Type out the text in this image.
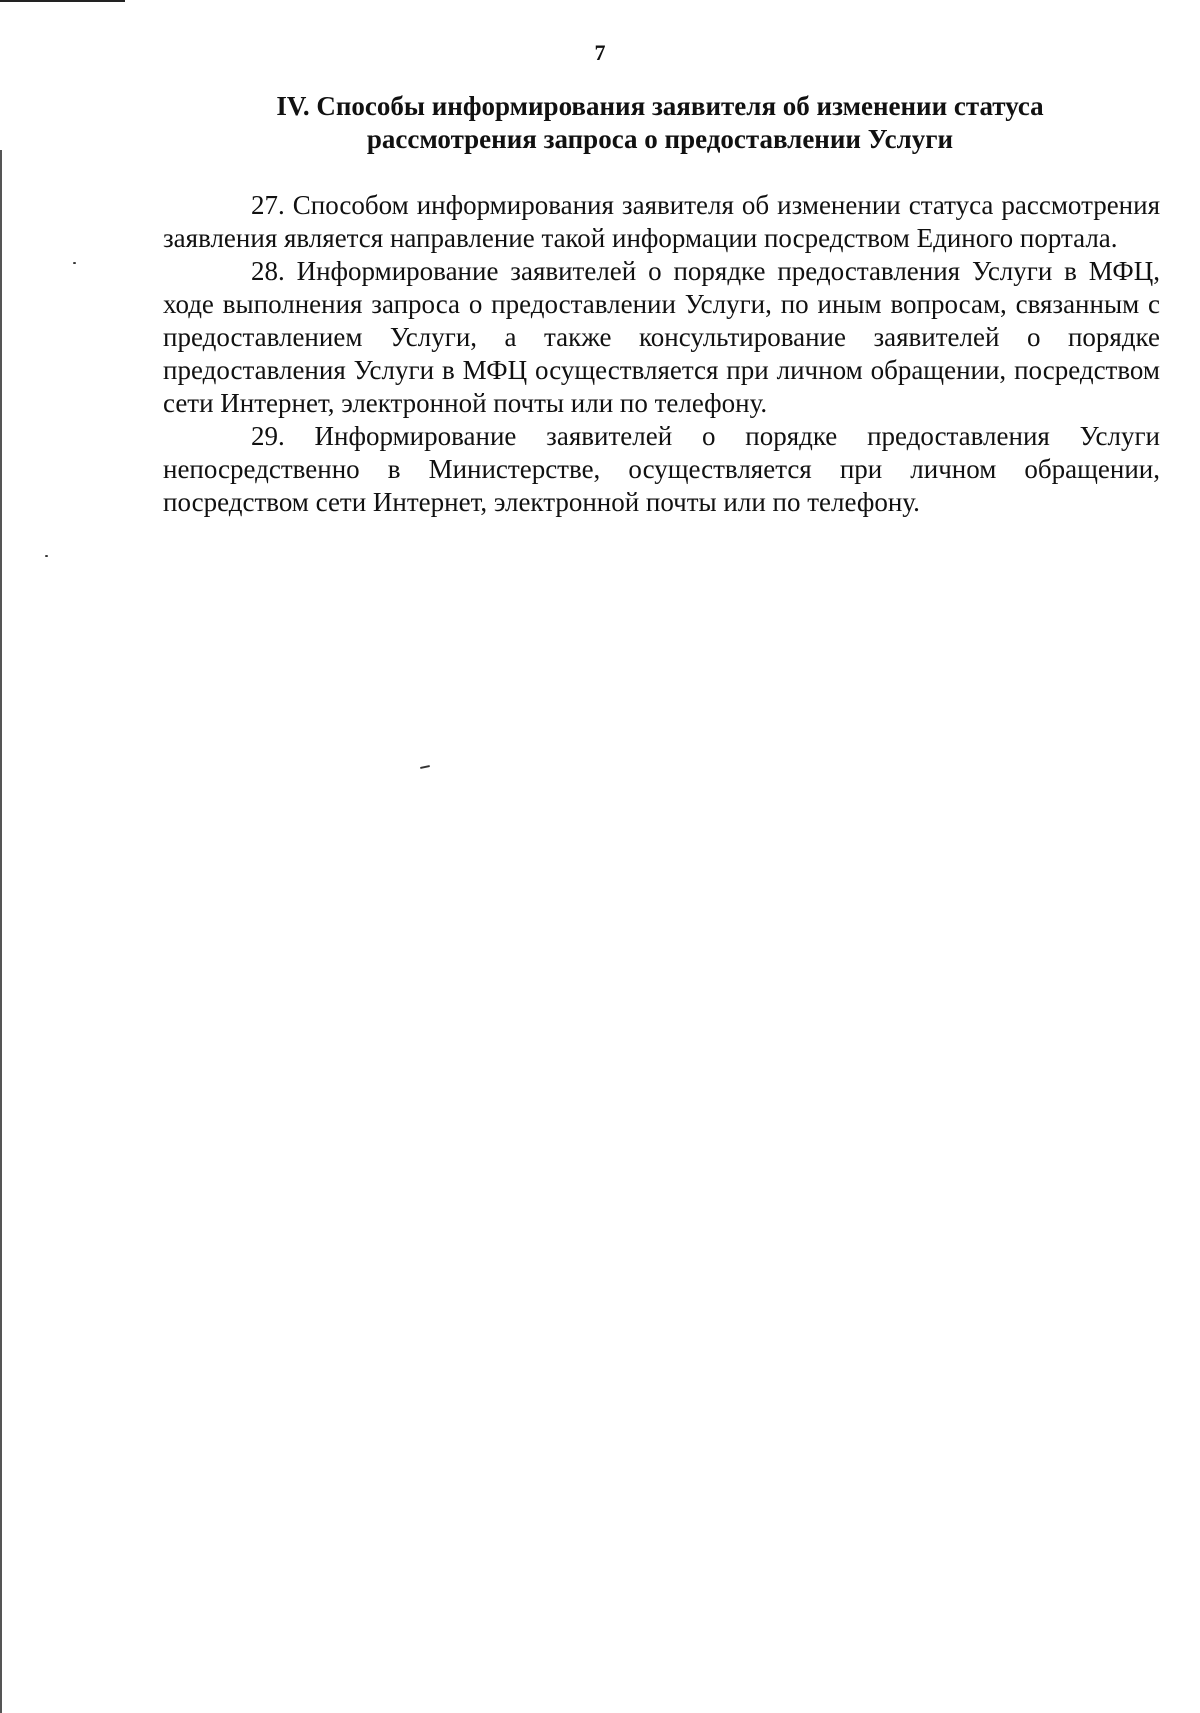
7
IV. Способы информирования заявителя об изменении статуса
рассмотрения запроса о предоставлении Услуги

27. Способом информирования заявителя об изменении статуса рассмотрения заявления является направление такой информации посредством Единого портала.

28. Информирование заявителей о порядке предоставления Услуги в МФЦ, ходе выполнения запроса о предоставлении Услуги, по иным вопросам, связанным с предоставлением Услуги, а также консультирование заявителей о порядке предоставления Услуги в МФЦ осуществляется при личном обращении, посредством сети Интернет, электронной почты или по телефону.

29. Информирование заявителей о порядке предоставления Услуги непосредственно в Министерстве, осуществляется при личном обращении, посредством сети Интернет, электронной почты или по телефону.
